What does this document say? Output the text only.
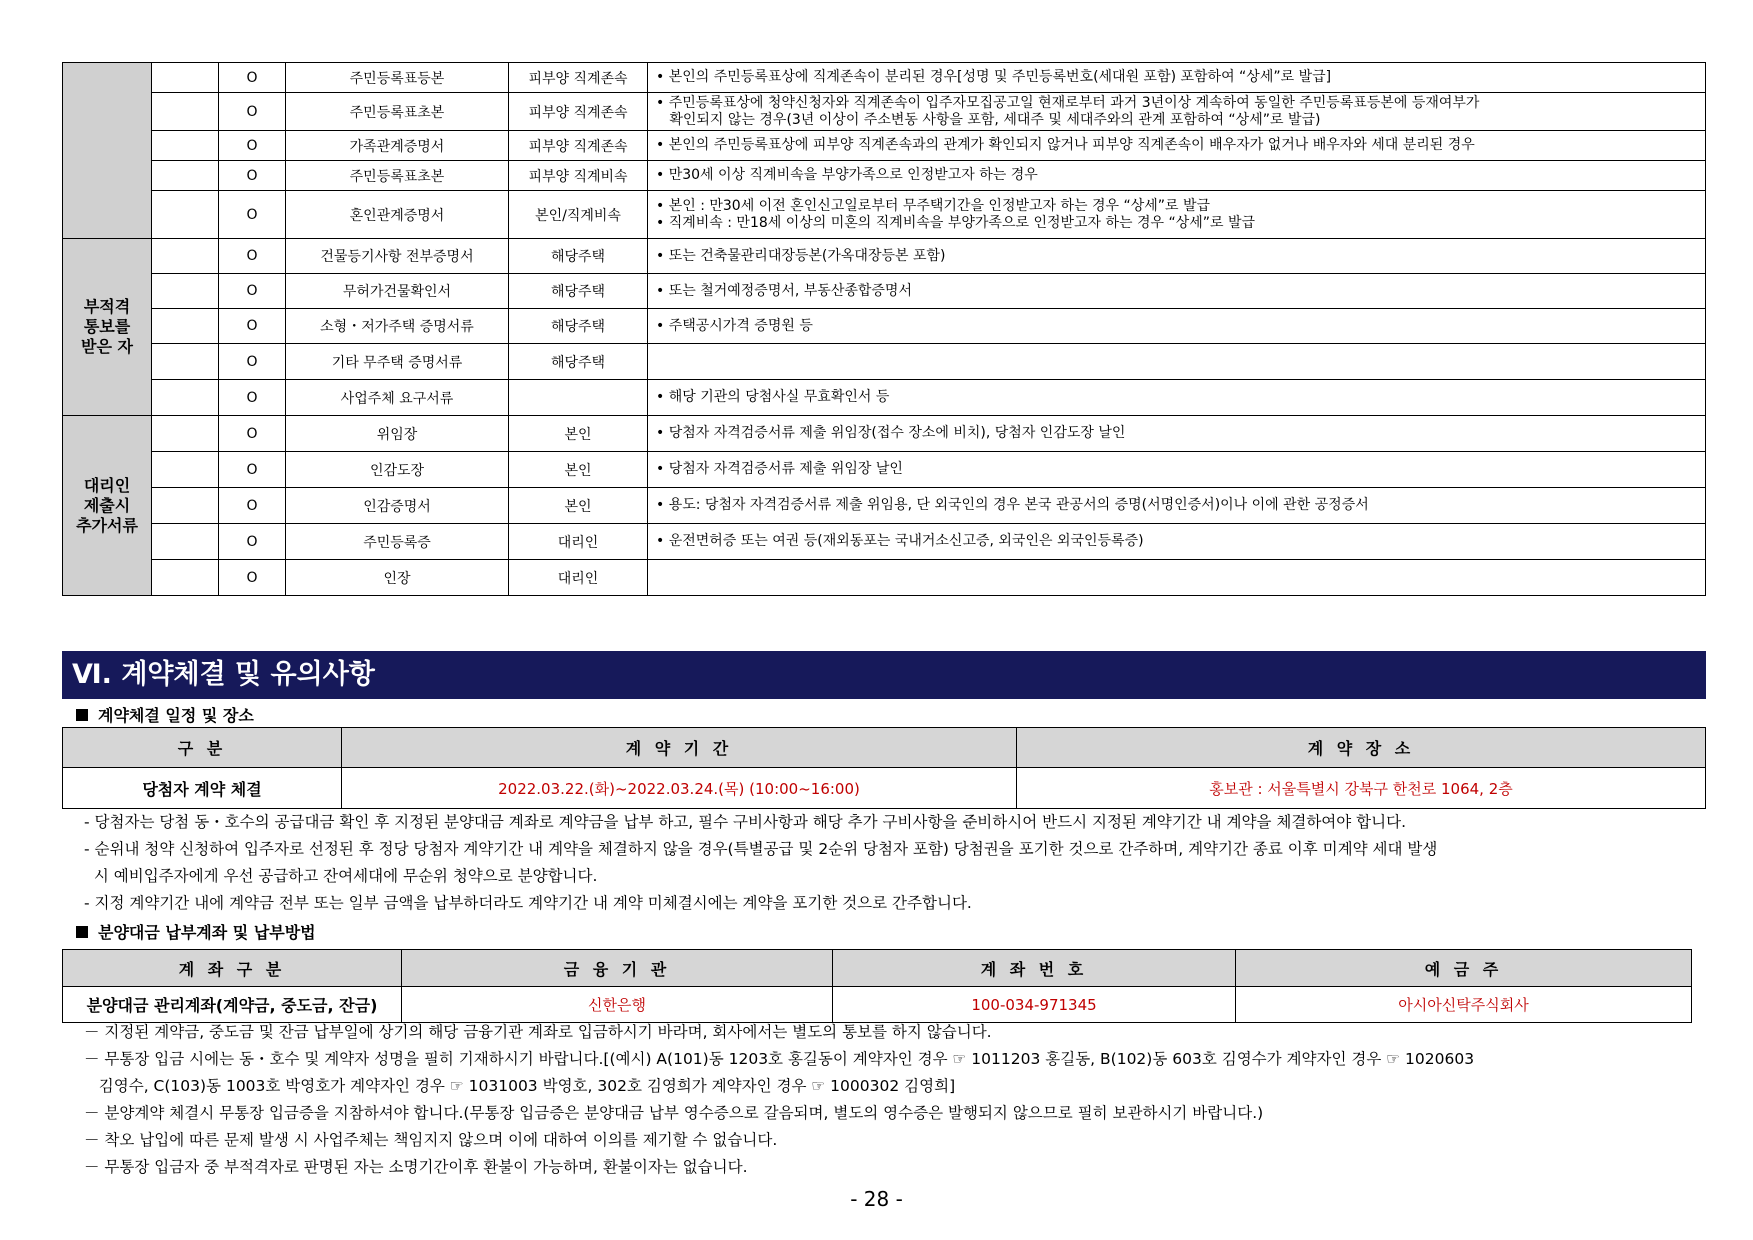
		O	주민등록표등본	피부양 직계존속	• 본인의 주민등록표상에 직계존속이 분리된 경우[성명 및 주민등록번호(세대원 포함) 포함하여 “상세”로 발급]

		O	주민등록표초본	피부양 직계존속	• 주민등록표상에 청약신청자와 직계존속이 입주자모집공고일 현재로부터 과거 3년이상 계속하여 동일한 주민등록표등본에 등재여부가
확인되지 않는 경우(3년 이상이 주소변동 사항을 포함, 세대주 및 세대주와의 관계 포함하여 “상세”로 발급)

		O	가족관계증명서	피부양 직계존속	• 본인의 주민등록표상에 피부양 직계존속과의 관계가 확인되지 않거나 피부양 직계존속이 배우자가 없거나 배우자와 세대 분리된 경우

		O	주민등록표초본	피부양 직계비속	• 만30세 이상 직계비속을 부양가족으로 인정받고자 하는 경우

		O	혼인관계증명서	본인/직계비속	• 본인 : 만30세 이전 혼인신고일로부터 무주택기간을 인정받고자 하는 경우 “상세”로 발급
• 직계비속 : 만18세 이상의 미혼의 직계비속을 부양가족으로 인정받고자 하는 경우 “상세”로 발급

부적격
통보를
받은 자		O	건물등기사항 전부증명서	해당주택	• 또는 건축물관리대장등본(가옥대장등본 포함)

		O	무허가건물확인서	해당주택	• 또는 철거예정증명서, 부동산종합증명서

		O	소형・저가주택 증명서류	해당주택	• 주택공시가격 증명원 등

		O	기타 무주택 증명서류	해당주택	
		O	사업주체 요구서류		• 해당 기관의 당첨사실 무효확인서 등

대리인
제출시
추가서류		O	위임장	본인	• 당첨자 자격검증서류 제출 위임장(접수 장소에 비치), 당첨자 인감도장 날인

		O	인감도장	본인	• 당첨자 자격검증서류 제출 위임장 날인

		O	인감증명서	본인	• 용도: 당첨자 자격검증서류 제출 위임용, 단 외국인의 경우 본국 관공서의 증명(서명인증서)이나 이에 관한 공정증서

		O	주민등록증	대리인	• 운전면허증 또는 여권 등(재외동포는 국내거소신고증, 외국인은 외국인등록증)

		O	인장	대리인	
Ⅵ. 계약체결 및 유의사항
계약체결 일정 및 장소
구 분	계 약 기 간	계 약 장 소
당첨자 계약 체결	2022.03.22.(화)~2022.03.24.(목) (10:00~16:00)	홍보관 : 서울특별시 강북구 한천로 1064, 2층

- 당첨자는 당첨 동・호수의 공급대금 확인 후 지정된 분양대금 계좌로 계약금을 납부 하고, 필수 구비사항과 해당 추가 구비사항을 준비하시어 반드시 지정된 계약기간 내 계약을 체결하여야 합니다.

- 순위내 청약 신청하여 입주자로 선정된 후 정당 당첨자 계약기간 내 계약을 체결하지 않을 경우(특별공급 및 2순위 당첨자 포함) 당첨권을 포기한 것으로 간주하며, 계약기간 종료 이후 미계약 세대 발생

시 예비입주자에게 우선 공급하고 잔여세대에 무순위 청약으로 분양합니다.

- 지정 계약기간 내에 계약금 전부 또는 일부 금액을 납부하더라도 계약기간 내 계약 미체결시에는 계약을 포기한 것으로 간주합니다.

분양대금 납부계좌 및 납부방법
계 좌 구 분	금 융 기 관	계 좌 번 호	예 금 주
분양대금 관리계좌(계약금, 중도금, 잔금)	신한은행	100-034-971345	아시아신탁주식회사

－ 지정된 계약금, 중도금 및 잔금 납부일에 상기의 해당 금융기관 계좌로 입금하시기 바라며, 회사에서는 별도의 통보를 하지 않습니다.

－ 무통장 입금 시에는 동・호수 및 계약자 성명을 필히 기재하시기 바랍니다.[(예시) A(101)동 1203호 홍길동이 계약자인 경우 ☞ 1011203 홍길동, B(102)동 603호 김영수가 계약자인 경우 ☞ 1020603

김영수, C(103)동 1003호 박영호가 계약자인 경우 ☞ 1031003 박영호, 302호 김영희가 계약자인 경우 ☞ 1000302 김영희]

－ 분양계약 체결시 무통장 입금증을 지참하셔야 합니다.(무통장 입금증은 분양대금 납부 영수증으로 갈음되며, 별도의 영수증은 발행되지 않으므로 필히 보관하시기 바랍니다.)

－ 착오 납입에 따른 문제 발생 시 사업주체는 책임지지 않으며 이에 대하여 이의를 제기할 수 없습니다.

－ 무통장 입금자 중 부적격자로 판명된 자는 소명기간이후 환불이 가능하며, 환불이자는 없습니다.

- 28 -
